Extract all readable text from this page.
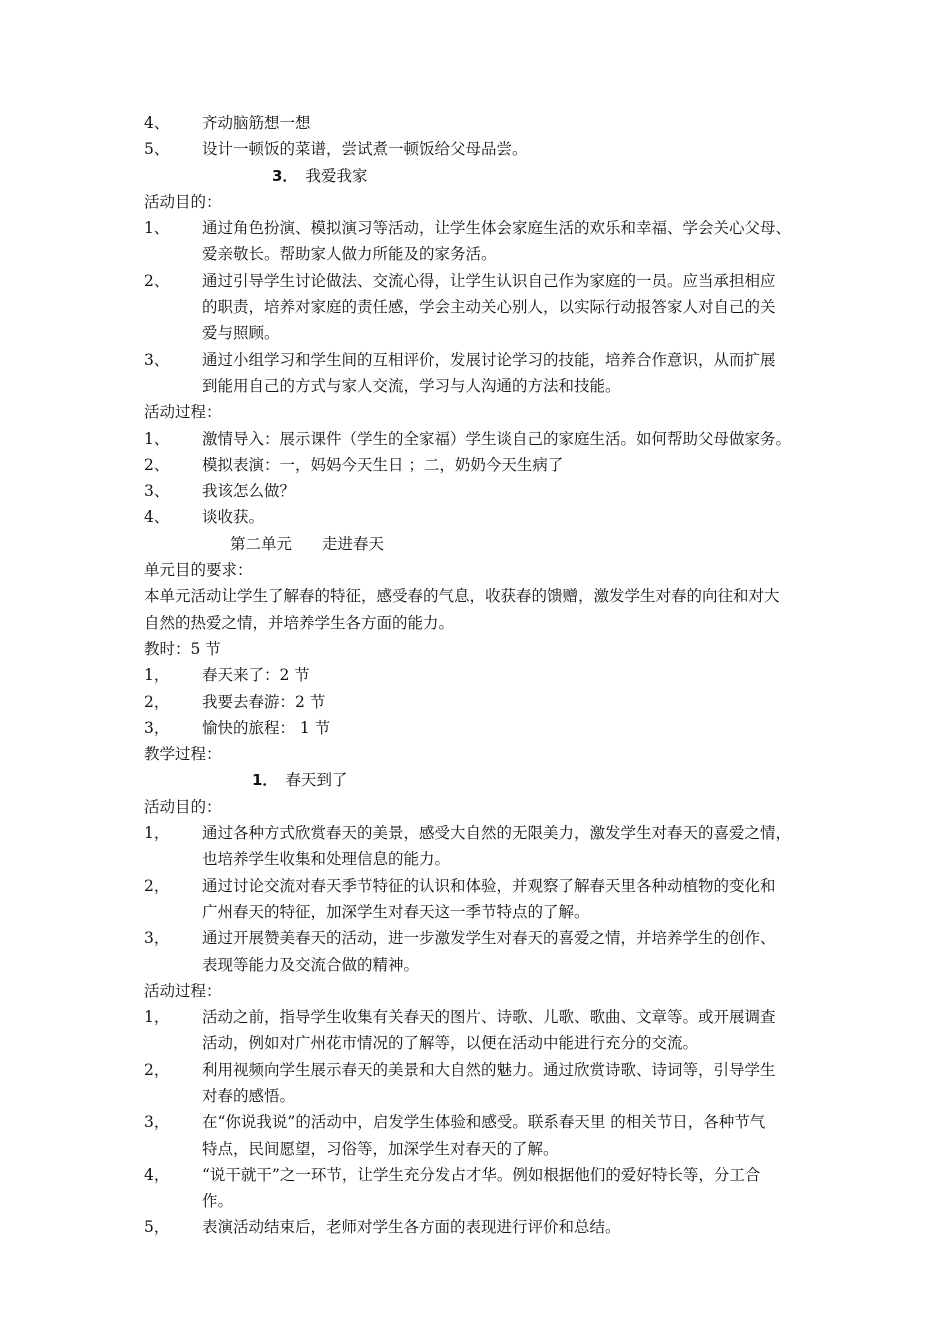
4、 齐动脑筋想一想
5、 设计一顿饭的菜谱，尝试煮一顿饭给父母品尝。
3． 我爱我家
活动目的：
1、 通过角色扮演、模拟演习等活动，让学生体会家庭生活的欢乐和幸福、学会关心父母、
爱亲敬长。帮助家人做力所能及的家务活。
2、 通过引导学生讨论做法、交流心得，让学生认识自己作为家庭的一员。应当承担相应
的职责，培养对家庭的责任感，学会主动关心别人，以实际行动报答家人对自己的关
爱与照顾。
3、 通过小组学习和学生间的互相评价，发展讨论学习的技能，培养合作意识，从而扩展
到能用自己的方式与家人交流，学习与人沟通的方法和技能。
活动过程：
1、 激情导入：展示课件（学生的全家福）学生谈自己的家庭生活。如何帮助父母做家务。
2、 模拟表演：一，妈妈今天生日 ；二，奶奶今天生病了
3、 我该怎么做？
4、 谈收获。
第二单元 走进春天
单元目的要求：
本单元活动让学生了解春的特征，感受春的气息，收获春的馈赠，激发学生对春的向往和对大
自然的热爱之情，并培养学生各方面的能力。
教时：5 节
1， 春天来了：2 节
2， 我要去春游：2 节
3， 愉快的旅程： 1 节
教学过程：
1． 春天到了
活动目的：
1， 通过各种方式欣赏春天的美景，感受大自然的无限美力，激发学生对春天的喜爱之情，
也培养学生收集和处理信息的能力。
2， 通过讨论交流对春天季节特征的认识和体验，并观察了解春天里各种动植物的变化和
广州春天的特征，加深学生对春天这一季节特点的了解。
3， 通过开展赞美春天的活动，进一步激发学生对春天的喜爱之情，并培养学生的创作、
表现等能力及交流合做的精神。
活动过程：
1， 活动之前，指导学生收集有关春天的图片、诗歌、儿歌、歌曲、文章等。或开展调查
活动，例如对广州花市情况的了解等，以便在活动中能进行充分的交流。
2， 利用视频向学生展示春天的美景和大自然的魅力。通过欣赏诗歌、诗词等，引导学生
对春的感悟。
3， 在“你说我说”的活动中，启发学生体验和感受。联系春天里 的相关节日，各种节气
特点，民间愿望，习俗等，加深学生对春天的了解。
4， “说干就干”之一环节，让学生充分发占才华。例如根据他们的爱好特长等，分工合
作。
5， 表演活动结束后，老师对学生各方面的表现进行评价和总结。
